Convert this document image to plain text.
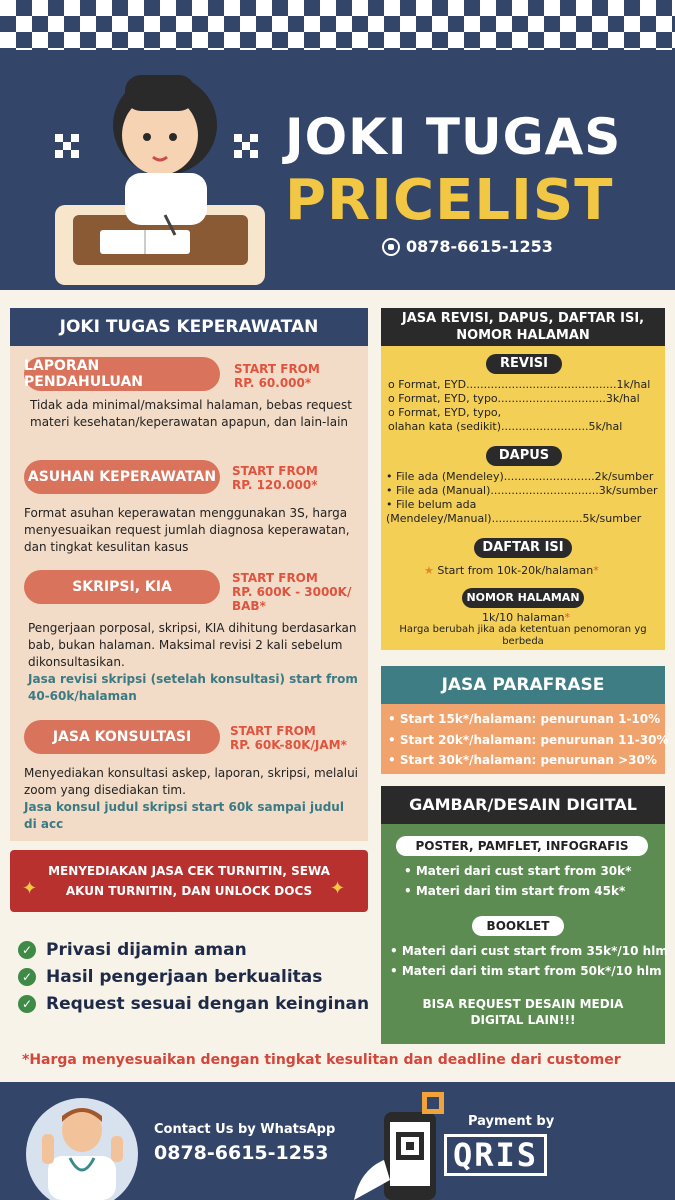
JOKI TUGAS
PRICELIST
0878-6615-1253
JOKI TUGAS KEPERAWATAN
LAPORAN PENDAHULUAN
START FROM
RP. 60.000*
Tidak ada minimal/maksimal halaman, bebas request materi kesehatan/keperawatan apapun, dan lain-lain
ASUHAN KEPERAWATAN	START FROM
RP. 120.000*
Format asuhan keperawatan menggunakan 3S, harga menyesuaikan request jumlah diagnosa keperawatan, dan tingkat kesulitan kasus
SKRIPSI, KIA
START FROM
RP. 600K - 3000K/
BAB*
Pengerjaan porposal, skripsi, KIA dihitung berdasarkan bab, bukan halaman. Maksimal revisi 2 kali sebelum dikonsultasikan.
Jasa revisi skripsi (setelah konsultasi) start from 40-60k/halaman
JASA KONSULTASI	START FROM
RP. 60K-80K/JAM*
Menyediakan konsultasi askep, laporan, skripsi, melalui zoom yang disediakan tim.
Jasa konsul judul skripsi start 60k sampai judul di acc
MENYEDIAKAN JASA CEK TURNITIN, SEWA
AKUN TURNITIN, DAN UNLOCK DOCS
✦	✦
✓ Privasi dijamin aman
✓ Hasil pengerjaan berkualitas
✓ Request sesuai dengan keinginan
JASA REVISI, DAPUS, DAFTAR ISI,
NOMOR HALAMAN
REVISI
o Format, EYD...........................................1k/hal
o Format, EYD, typo...............................3k/hal
o Format, EYD, typo,
olahan kata (sedikit).........................5k/hal
DAPUS
• File ada (Mendeley)..........................2k/sumber
• File ada (Manual)...............................3k/sumber
• File belum ada
(Mendeley/Manual)..........................5k/sumber
DAFTAR ISI
★ Start from 10k-20k/halaman*
NOMOR HALAMAN
1k/10 halaman*
Harga berubah jika ada ketentuan penomoran yg
berbeda
JASA PARAFRASE
• Start 15k*/halaman: penurunan 1-10%
• Start 20k*/halaman: penurunan 11-30%
• Start 30k*/halaman: penurunan >30%
GAMBAR/DESAIN DIGITAL
POSTER, PAMFLET, INFOGRAFIS
• Materi dari cust start from 30k*
• Materi dari tim start from 45k*
BOOKLET
• Materi dari cust start from 35k*/10 hlm
• Materi dari tim start from 50k*/10 hlm
BISA REQUEST DESAIN MEDIA
DIGITAL LAIN!!!
*Harga menyesuaikan dengan tingkat kesulitan dan deadline dari customer
Contact Us by WhatsApp
0878-6615-1253
Payment by
QRIS
